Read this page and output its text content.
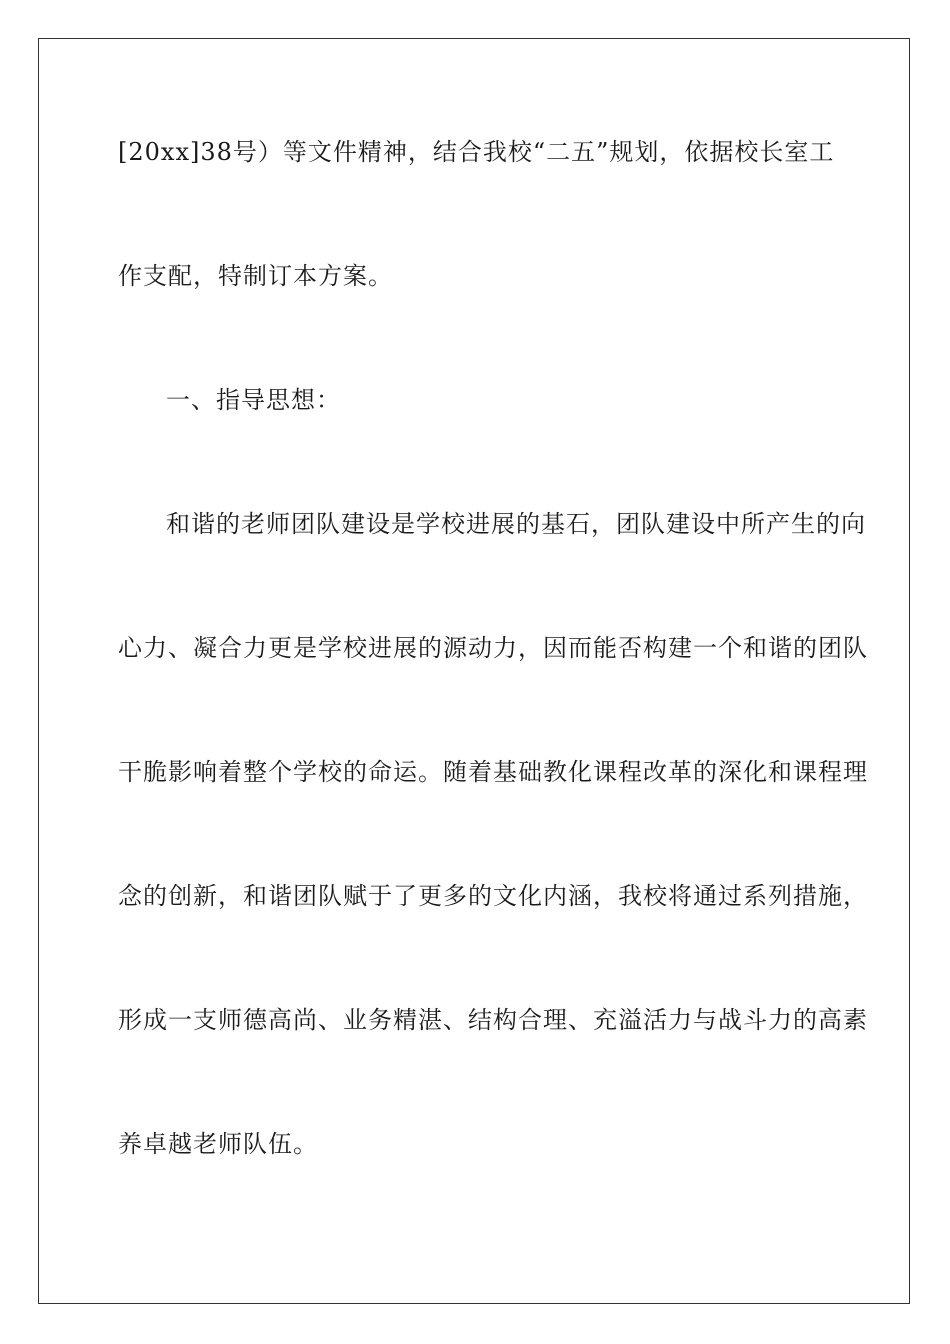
[20xx]38号）等文件精神，结合我校“二五”规划，依据校长室工
作支配，特制订本方案。
一、指导思想：
和谐的老师团队建设是学校进展的基石，团队建设中所产生的向
心力、凝合力更是学校进展的源动力，因而能否构建一个和谐的团队
干脆影响着整个学校的命运。随着基础教化课程改革的深化和课程理
念的创新，和谐团队赋于了更多的文化内涵，我校将通过系列措施，
形成一支师德高尚、业务精湛、结构合理、充溢活力与战斗力的高素
养卓越老师队伍。
